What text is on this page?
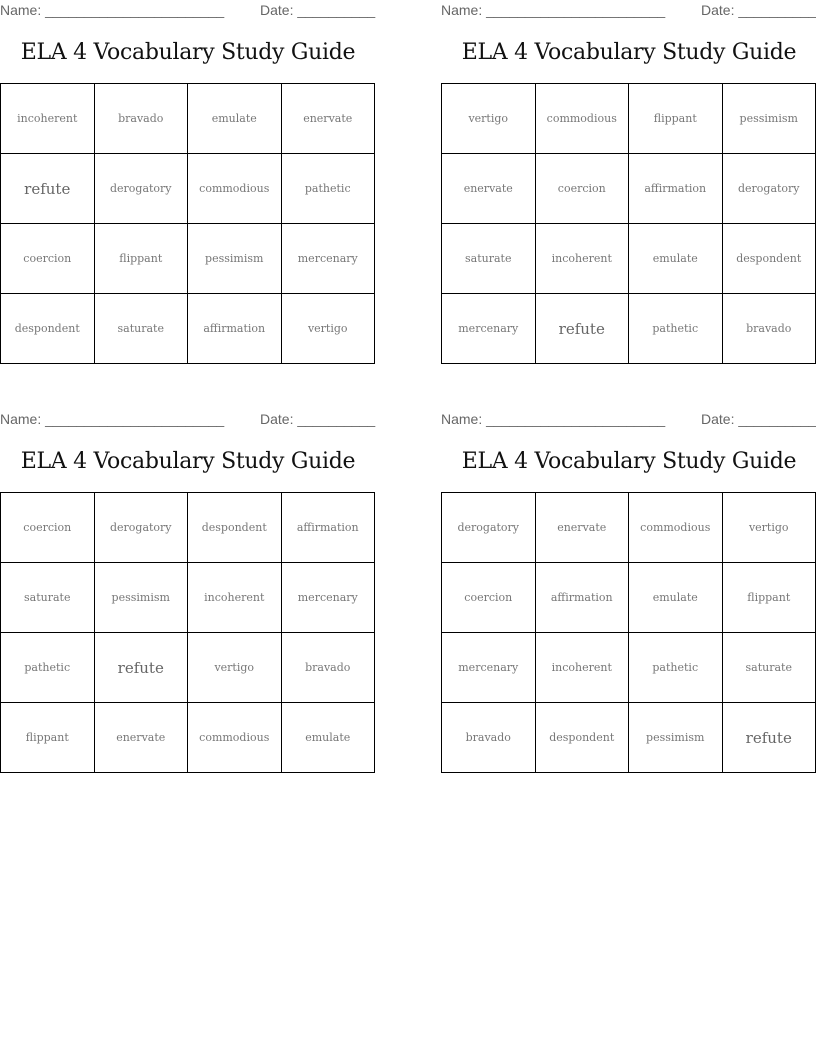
Name: _______________________	Date: __________
ELA 4 Vocabulary Study Guide
incoherent	bravado	emulate	enervate
refute	derogatory	commodious	pathetic
coercion	flippant	pessimism	mercenary
despondent	saturate	affirmation	vertigo
Name: _______________________	Date: __________
ELA 4 Vocabulary Study Guide
vertigo	commodious	flippant	pessimism
enervate	coercion	affirmation	derogatory
saturate	incoherent	emulate	despondent
mercenary	refute	pathetic	bravado
Name: _______________________	Date: __________
ELA 4 Vocabulary Study Guide
coercion	derogatory	despondent	affirmation
saturate	pessimism	incoherent	mercenary
pathetic	refute	vertigo	bravado
flippant	enervate	commodious	emulate
Name: _______________________	Date: __________
ELA 4 Vocabulary Study Guide
derogatory	enervate	commodious	vertigo
coercion	affirmation	emulate	flippant
mercenary	incoherent	pathetic	saturate
bravado	despondent	pessimism	refute
